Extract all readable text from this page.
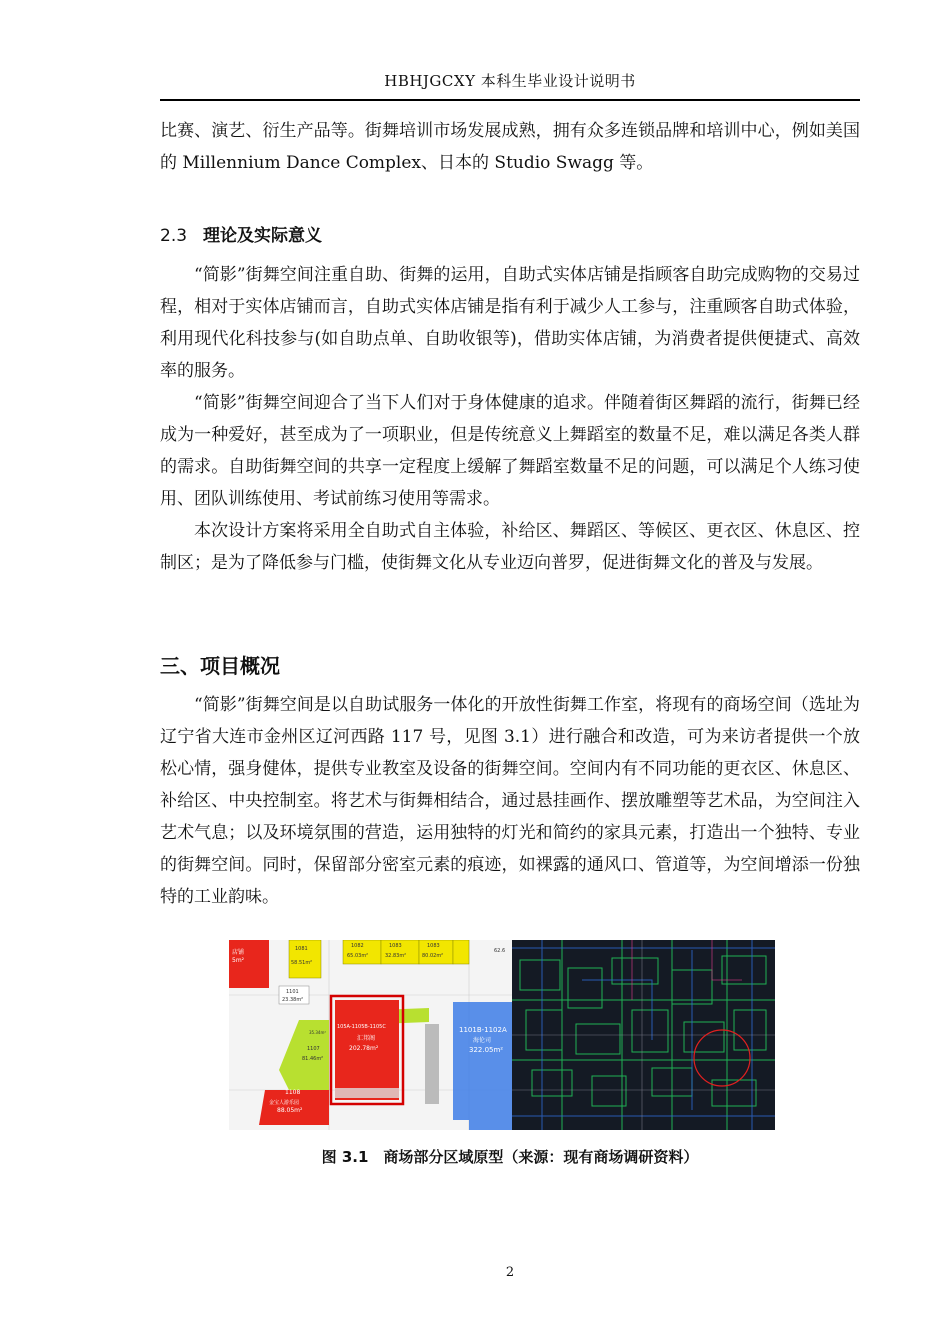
HBHJGCXY 本科生毕业设计说明书

比赛、演艺、衍生产品等。街舞培训市场发展成熟，拥有众多连锁品牌和培训中心，例如美国的 Millennium Dance Complex、日本的 Studio Swagg 等。

2.3 理论及实际意义

“简影”街舞空间注重自助、街舞的运用，自助式实体店铺是指顾客自助完成购物的交易过程，相对于实体店铺而言，自助式实体店铺是指有利于减少人工参与，注重顾客自助式体验，利用现代化科技参与(如自助点单、自助收银等)，借助实体店铺，为消费者提供便捷式、高效率的服务。

“简影”街舞空间迎合了当下人们对于身体健康的追求。伴随着街区舞蹈的流行，街舞已经成为一种爱好，甚至成为了一项职业，但是传统意义上舞蹈室的数量不足，难以满足各类人群的需求。自助街舞空间的共享一定程度上缓解了舞蹈室数量不足的问题，可以满足个人练习使用、团队训练使用、考试前练习使用等需求。

本次设计方案将采用全自助式自主体验，补给区、舞蹈区、等候区、更衣区、休息区、控制区；是为了降低参与门槛，使街舞文化从专业迈向普罗，促进街舞文化的普及与发展。

三、项目概况

“简影”街舞空间是以自助试服务一体化的开放性街舞工作室，将现有的商场空间（选址为辽宁省大连市金州区辽河西路 117 号，见图 3.1）进行融合和改造，可为来访者提供一个放松心情，强身健体，提供专业教室及设备的街舞空间。空间内有不同功能的更衣区、休息区、补给区、中央控制室。将艺术与街舞相结合，通过悬挂画作、摆放雕塑等艺术品，为空间注入艺术气息；以及环境氛围的营造，运用独特的灯光和简约的家具元素，打造出一个独特、专业的街舞空间。同时，保留部分密室元素的痕迹，如裸露的通风口、管道等，为空间增添一份独特的工业韵味。

店铺
5m²
1081
58.51m²
1082
65.03m²
1083
32.83m²
1083
80.02m²
62.6
1101
23.38m²
1107
81.46m²
35.34m²
1108
金宝人游乐园
88.05m²
105A-1105B-1105C
汇邦阁
202.78m²
1101B-1102A
海伦司
322.05m²
图 3.1　商场部分区域原型（来源：现有商场调研资料）
2
